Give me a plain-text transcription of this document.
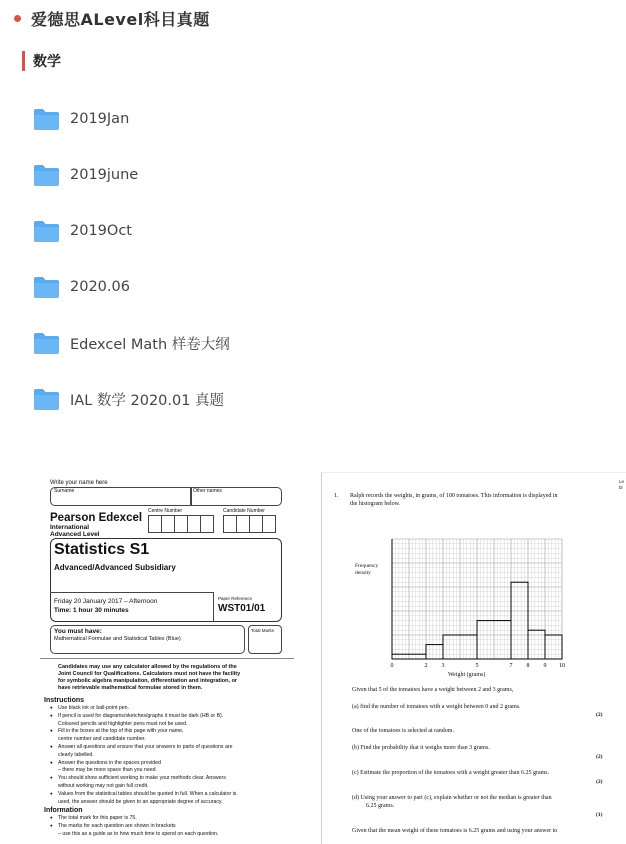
爱德思ALevel科目真题
数学
2019Jan
2019june
2019Oct
2020.06
Edexcel Math 样卷大纲
IAL 数学 2020.01 真题
Write your name here
Surname	Other names
Pearson Edexcel
International
Advanced Level
Centre Number	Candidate Number
Statistics S1
Advanced/Advanced Subsidiary
Friday 20 January 2017 – Afternoon
Time: 1 hour 30 minutes
Paper Reference
WST01/01
You must have:
Mathematical Formulae and Statistical Tables (Blue)
Total Marks
Candidates may use any calculator allowed by the regulations of the
Joint Council for Qualifications. Calculators must not have the facility
for symbolic algebra manipulation, differentiation and integration, or
have retrievable mathematical formulae stored in them.
Instructions
Information
● Use black ink or ball-point pen.
● If pencil is used for diagrams/sketches/graphs it must be dark (HB or B).
Coloured pencils and highlighter pens must not be used.
● Fill in the boxes at the top of this page with your name,
centre number and candidate number.
● Answer all questions and ensure that your answers to parts of questions are
clearly labelled.
● Answer the questions in the spaces provided
– there may be more space than you need.
● You should show sufficient working to make your methods clear. Answers
without working may not gain full credit.
● Values from the statistical tables should be quoted in full. When a calculator is
used, the answer should be given to an appropriate degree of accuracy.
● The total mark for this paper is 75.
● The marks for each question are shown in brackets
– use this as a guide as to how much time to spend on each question.
1. Ralph records the weights, in grams, of 100 tomatoes. This information is displayed in
the histogram below.
Frequency
density
0	2 3	5	7 8 9 10
Weight (grams)
Given that 5 of the tomatoes have a weight between 2 and 3 grams,
(a) find the number of tomatoes with a weight between 0 and 2 grams.
(2)
One of the tomatoes is selected at random.
(b) Find the probability that it weighs more than 3 grams.
(2)
(c) Estimate the proportion of the tomatoes with a weight greater than 6.25 grams.
(2)
(d) Using your answer to part (c), explain whether or not the median is greater than
6.25 grams.
(1)
Given that the mean weight of these tomatoes is 6.25 grams and using your answer to
Le
bl
